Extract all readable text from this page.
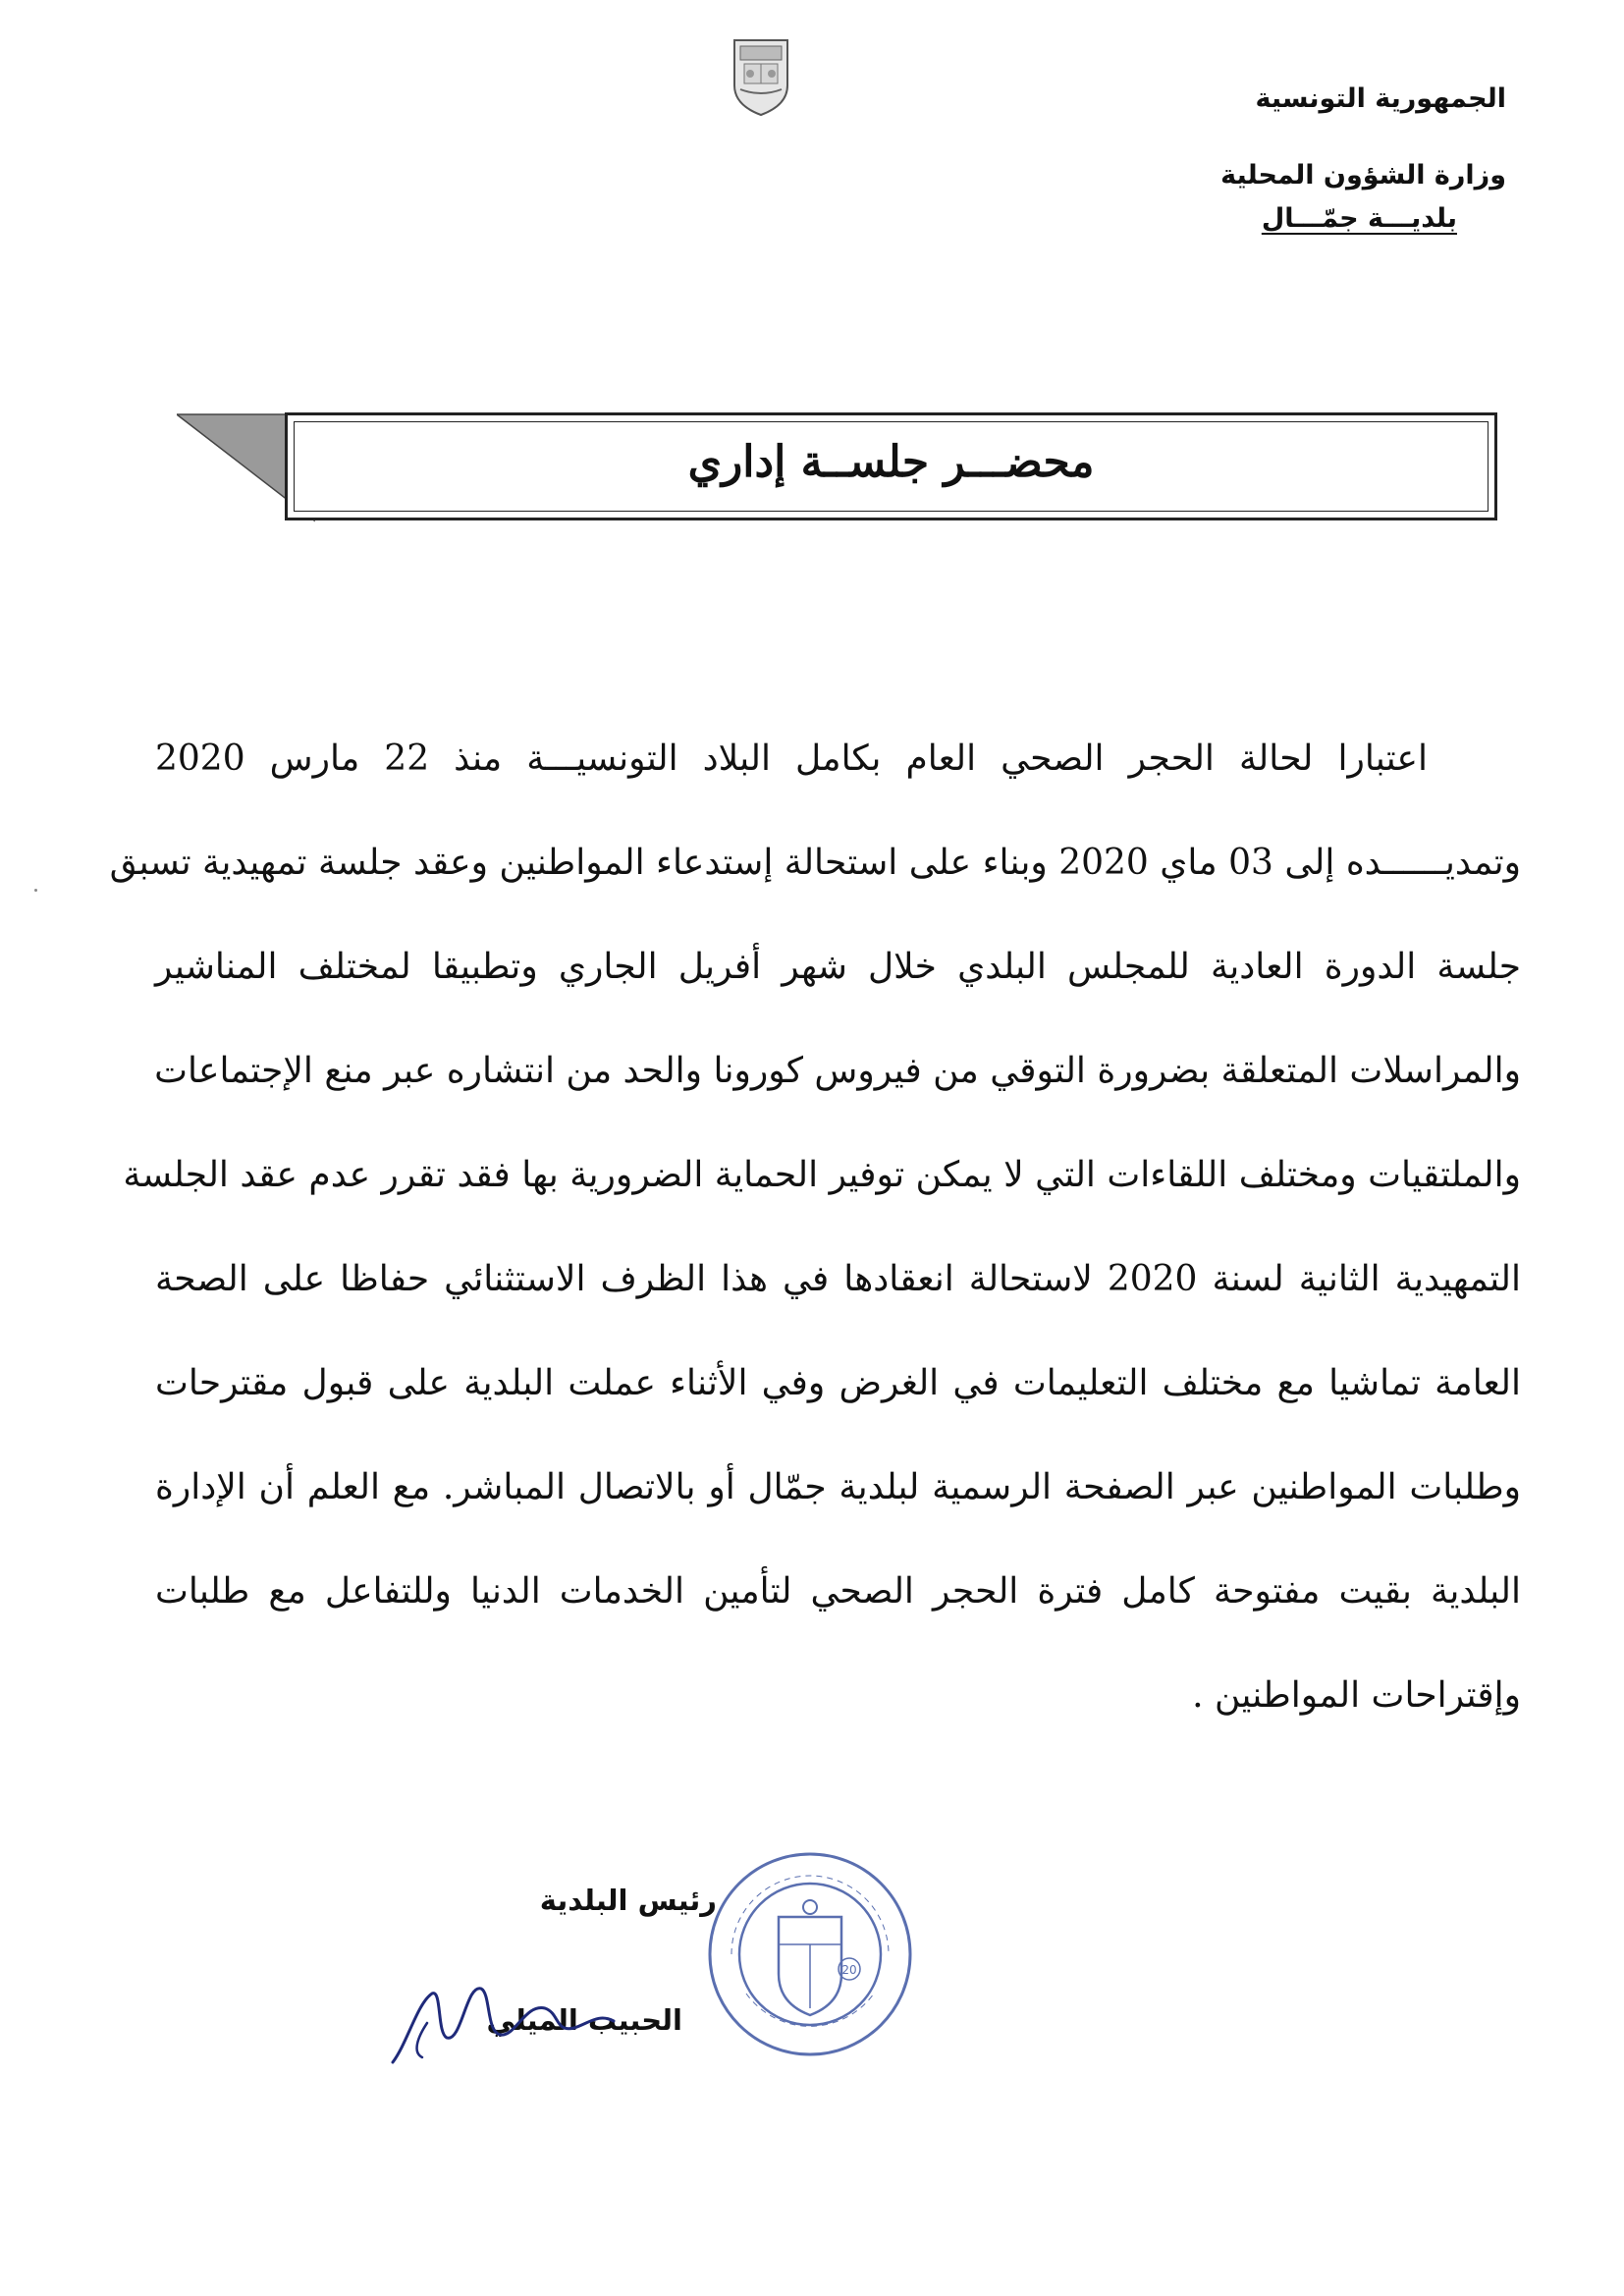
الجمهورية التونسية
وزارة الشؤون المحلية
بلديـــة جمّـــال
محضـــر جلســة إداري
اعتبارا لحالة الحجر الصحي العام بكامل البلاد التونسيـــة منذ 22 مارس 2020
وتمديــــــده إلى 03 ماي 2020 وبناء على استحالة إستدعاء المواطنين وعقد جلسة تمهيدية تسبق
جلسة الدورة العادية للمجلس البلدي خلال شهر أفريل الجاري وتطبيقا لمختلف المناشير
والمراسلات المتعلقة بضرورة التوقي من فيروس كورونا والحد من انتشاره عبر منع الإجتماعات
والملتقيات ومختلف اللقاءات التي لا يمكن توفير الحماية الضرورية بها فقد تقرر عدم عقد الجلسة
التمهيدية الثانية لسنة 2020 لاستحالة انعقادها في هذا الظرف الاستثنائي حفاظا على الصحة
العامة تماشيا مع مختلف التعليمات في الغرض وفي الأثناء عملت البلدية على قبول مقترحات
وطلبات المواطنين عبر الصفحة الرسمية لبلدية جمّال أو بالاتصال المباشر. مع العلم أن الإدارة
البلدية بقيت مفتوحة كامل فترة الحجر الصحي لتأمين الخدمات الدنيا وللتفاعل مع طلبات
وإقتراحات المواطنين .
رئيس البلدية
الحبيب الميلي
20
